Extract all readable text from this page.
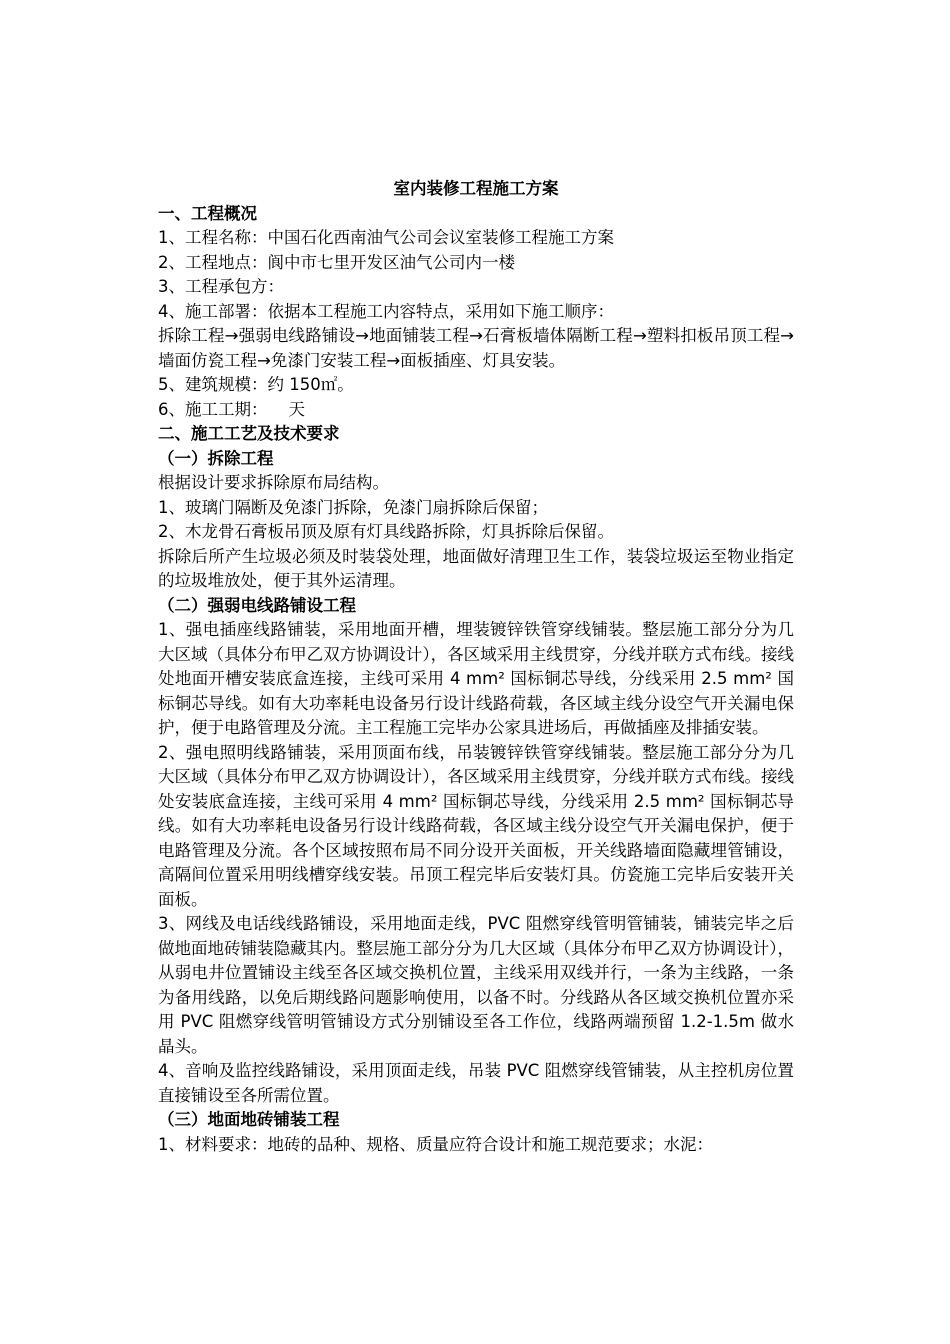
室内装修工程施工方案
一、工程概况
1、工程名称：中国石化西南油气公司会议室装修工程施工方案
2、工程地点：阆中市七里开发区油气公司内一楼
3、工程承包方：
4、施工部署：依据本工程施工内容特点，采用如下施工顺序：
拆除工程→强弱电线路铺设→地面铺装工程→石膏板墙体隔断工程→塑料扣板吊顶工程→墙面仿瓷工程→免漆门安装工程→面板插座、灯具安装。
5、建筑规模：约 150㎡。
6、施工工期：    天
二、施工工艺及技术要求
（一）拆除工程
根据设计要求拆除原布局结构。
1、玻璃门隔断及免漆门拆除，免漆门扇拆除后保留；
2、木龙骨石膏板吊顶及原有灯具线路拆除，灯具拆除后保留。
拆除后所产生垃圾必须及时装袋处理，地面做好清理卫生工作，装袋垃圾运至物业指定的垃圾堆放处，便于其外运清理。
（二）强弱电线路铺设工程
1、强电插座线路铺装，采用地面开槽，埋装镀锌铁管穿线铺装。整层施工部分分为几大区域（具体分布甲乙双方协调设计），各区域采用主线贯穿，分线并联方式布线。接线处地面开槽安装底盒连接，主线可采用 4 mm² 国标铜芯导线，分线采用 2.5 mm² 国标铜芯导线。如有大功率耗电设备另行设计线路荷载，各区域主线分设空气开关漏电保护，便于电路管理及分流。主工程施工完毕办公家具进场后，再做插座及排插安装。
2、强电照明线路铺装，采用顶面布线，吊装镀锌铁管穿线铺装。整层施工部分分为几大区域（具体分布甲乙双方协调设计），各区域采用主线贯穿，分线并联方式布线。接线处安装底盒连接，主线可采用 4 mm² 国标铜芯导线，分线采用 2.5 mm² 国标铜芯导线。如有大功率耗电设备另行设计线路荷载，各区域主线分设空气开关漏电保护，便于电路管理及分流。各个区域按照布局不同分设开关面板，开关线路墙面隐藏埋管铺设，高隔间位置采用明线槽穿线安装。吊顶工程完毕后安装灯具。仿瓷施工完毕后安装开关面板。
3、网线及电话线线路铺设，采用地面走线，PVC 阻燃穿线管明管铺装，铺装完毕之后做地面地砖铺装隐藏其内。整层施工部分分为几大区域（具体分布甲乙双方协调设计），从弱电井位置铺设主线至各区域交换机位置，主线采用双线并行，一条为主线路，一条为备用线路，以免后期线路问题影响使用，以备不时。分线路从各区域交换机位置亦采用 PVC 阻燃穿线管明管铺设方式分别铺设至各工作位，线路两端预留 1.2-1.5m 做水晶头。
4、音响及监控线路铺设，采用顶面走线，吊装 PVC 阻燃穿线管铺装，从主控机房位置直接铺设至各所需位置。
（三）地面地砖铺装工程
1、材料要求：地砖的品种、规格、质量应符合设计和施工规范要求；水泥：
